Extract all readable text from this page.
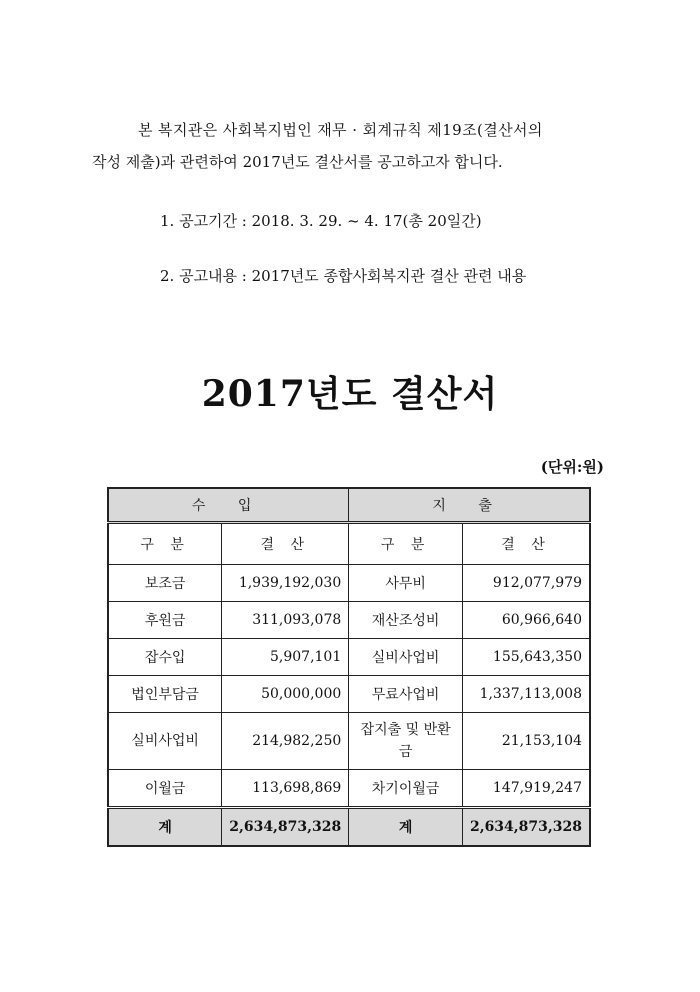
본 복지관은 사회복지법인 재무 · 회계규칙 제19조(결산서의
작성 제출)과 관련하여 2017년도 결산서를 공고하고자 합니다.
1. 공고기간 : 2018. 3. 29. ~ 4. 17(총 20일간)
2. 공고내용 : 2017년도 종합사회복지관 결산 관련 내용
2017년도 결산서
(단위:원)
수 입		지 출	
구 분	결 산	구 분	결 산
보조금	1,939,192,030	사무비	912,077,979
후원금	311,093,078	재산조성비	60,966,640
잡수입	5,907,101	실비사업비	155,643,350
법인부담금	50,000,000	무료사업비	1,337,113,008
실비사업비	214,982,250	잡지출 및 반환금	21,153,104
이월금	113,698,869	차기이월금	147,919,247
계	2,634,873,328	계	2,634,873,328
